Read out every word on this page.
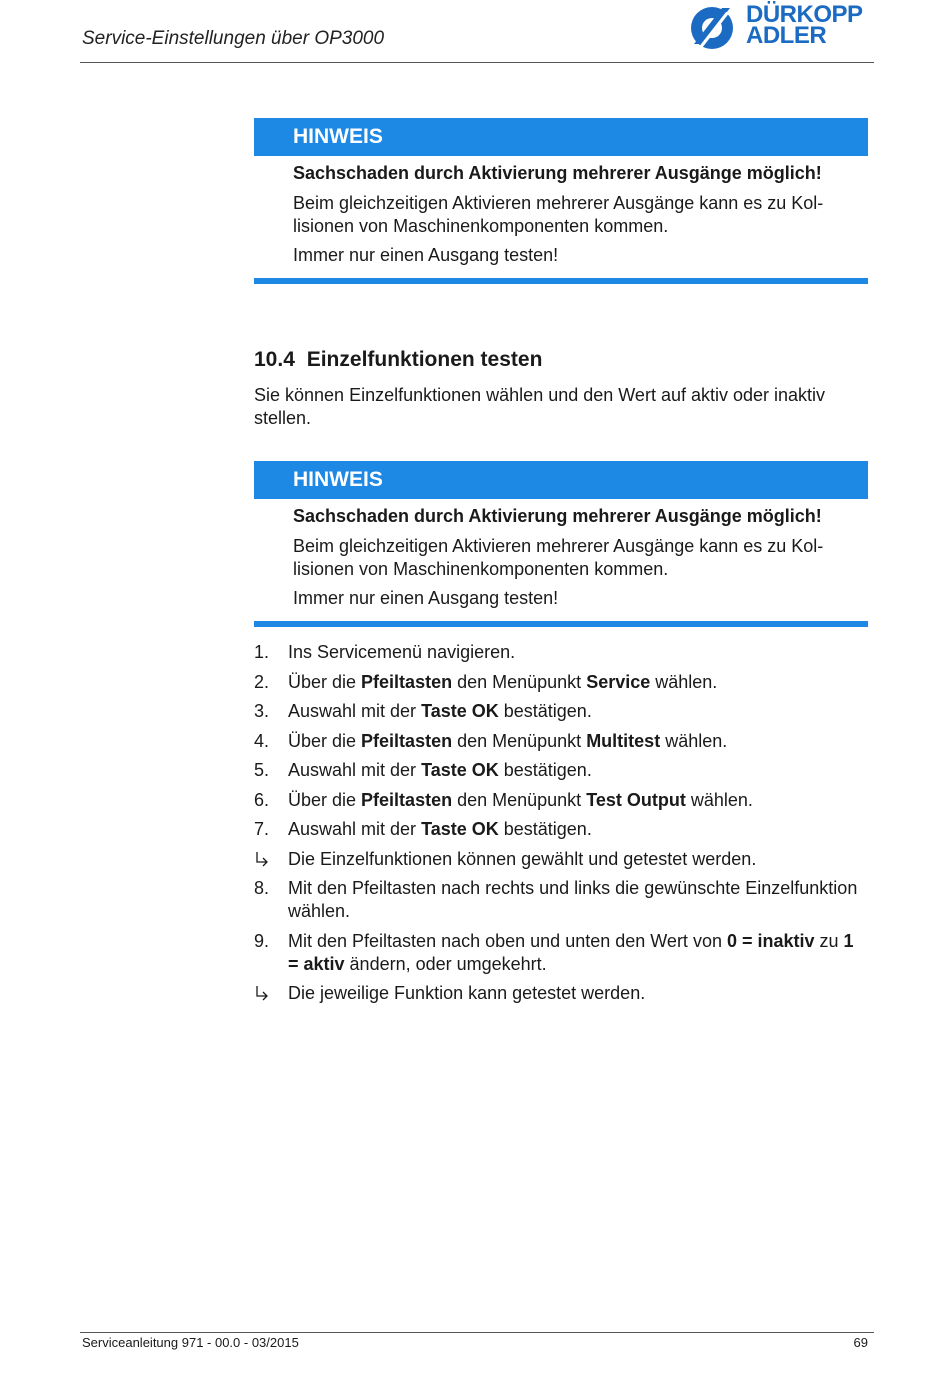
Service-Einstellungen über OP3000
DÜRKOPP
ADLER
HINWEIS
Sachschaden durch Aktivierung mehrerer Ausgänge möglich!

Beim gleichzeitigen Aktivieren mehrerer Ausgänge kann es zu Kol-lisionen von Maschinenkomponenten kommen.

Immer nur einen Ausgang testen!

10.4 Einzelfunktionen testen

Sie können Einzelfunktionen wählen und den Wert auf aktiv oder inaktiv stellen.

HINWEIS
Sachschaden durch Aktivierung mehrerer Ausgänge möglich!

Beim gleichzeitigen Aktivieren mehrerer Ausgänge kann es zu Kol-lisionen von Maschinenkomponenten kommen.

Immer nur einen Ausgang testen!

1.	Ins Servicemenü navigieren.
2.	Über die Pfeiltasten den Menüpunkt Service wählen.
3.	Auswahl mit der Taste OK bestätigen.
4.	Über die Pfeiltasten den Menüpunkt Multitest wählen.
5.	Auswahl mit der Taste OK bestätigen.
6.	Über die Pfeiltasten den Menüpunkt Test Output wählen.
7.	Auswahl mit der Taste OK bestätigen.
Die Einzelfunktionen können gewählt und getestet werden.
8.	Mit den Pfeiltasten nach rechts und links die gewünschte Einzelfunktion wählen.
9.	Mit den Pfeiltasten nach oben und unten den Wert von 0 = inaktiv zu 1 = aktiv ändern, oder umgekehrt.
Die jeweilige Funktion kann getestet werden.
Serviceanleitung 971 - 00.0 - 03/2015	69
